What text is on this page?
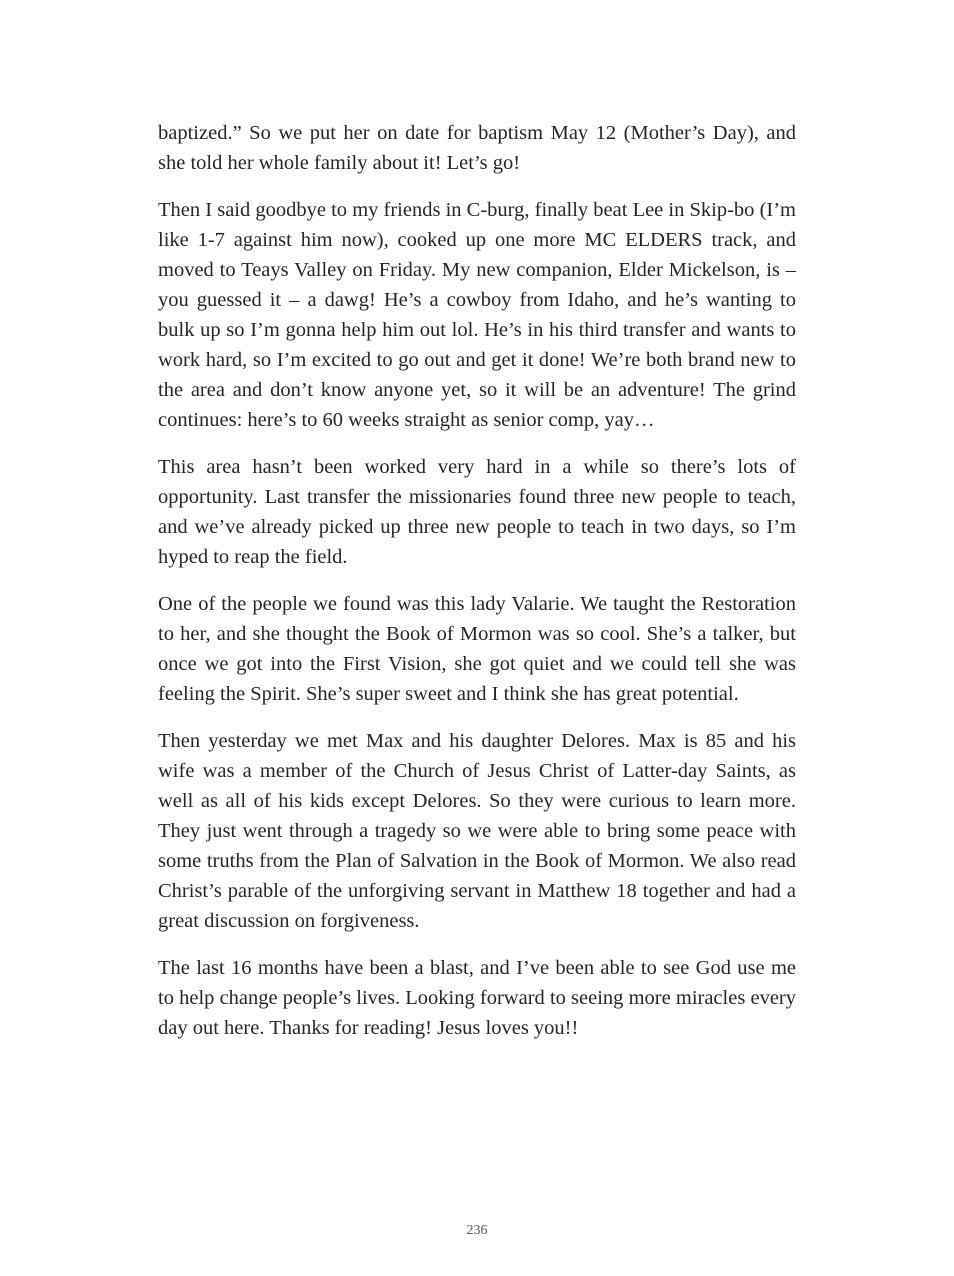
baptized.” So we put her on date for baptism May 12 (Mother’s Day), and she told her whole family about it! Let’s go!

Then I said goodbye to my friends in C-burg, finally beat Lee in Skip-bo (I’m like 1-7 against him now), cooked up one more MC ELDERS track, and moved to Teays Valley on Friday. My new companion, Elder Mickelson, is – you guessed it – a dawg! He’s a cowboy from Idaho, and he’s wanting to bulk up so I’m gonna help him out lol. He’s in his third transfer and wants to work hard, so I’m excited to go out and get it done! We’re both brand new to the area and don’t know anyone yet, so it will be an adventure! The grind continues: here’s to 60 weeks straight as senior comp, yay…

This area hasn’t been worked very hard in a while so there’s lots of opportunity. Last transfer the missionaries found three new people to teach, and we’ve already picked up three new people to teach in two days, so I’m hyped to reap the field.

One of the people we found was this lady Valarie. We taught the Restoration to her, and she thought the Book of Mormon was so cool. She’s a talker, but once we got into the First Vision, she got quiet and we could tell she was feeling the Spirit. She’s super sweet and I think she has great potential.

Then yesterday we met Max and his daughter Delores. Max is 85 and his wife was a member of the Church of Jesus Christ of Latter-day Saints, as well as all of his kids except Delores. So they were curious to learn more. They just went through a tragedy so we were able to bring some peace with some truths from the Plan of Salvation in the Book of Mormon. We also read Christ’s parable of the unforgiving servant in Matthew 18 together and had a great discussion on forgiveness.

The last 16 months have been a blast, and I’ve been able to see God use me to help change people’s lives. Looking forward to seeing more miracles every day out here. Thanks for reading! Jesus loves you!!

236
